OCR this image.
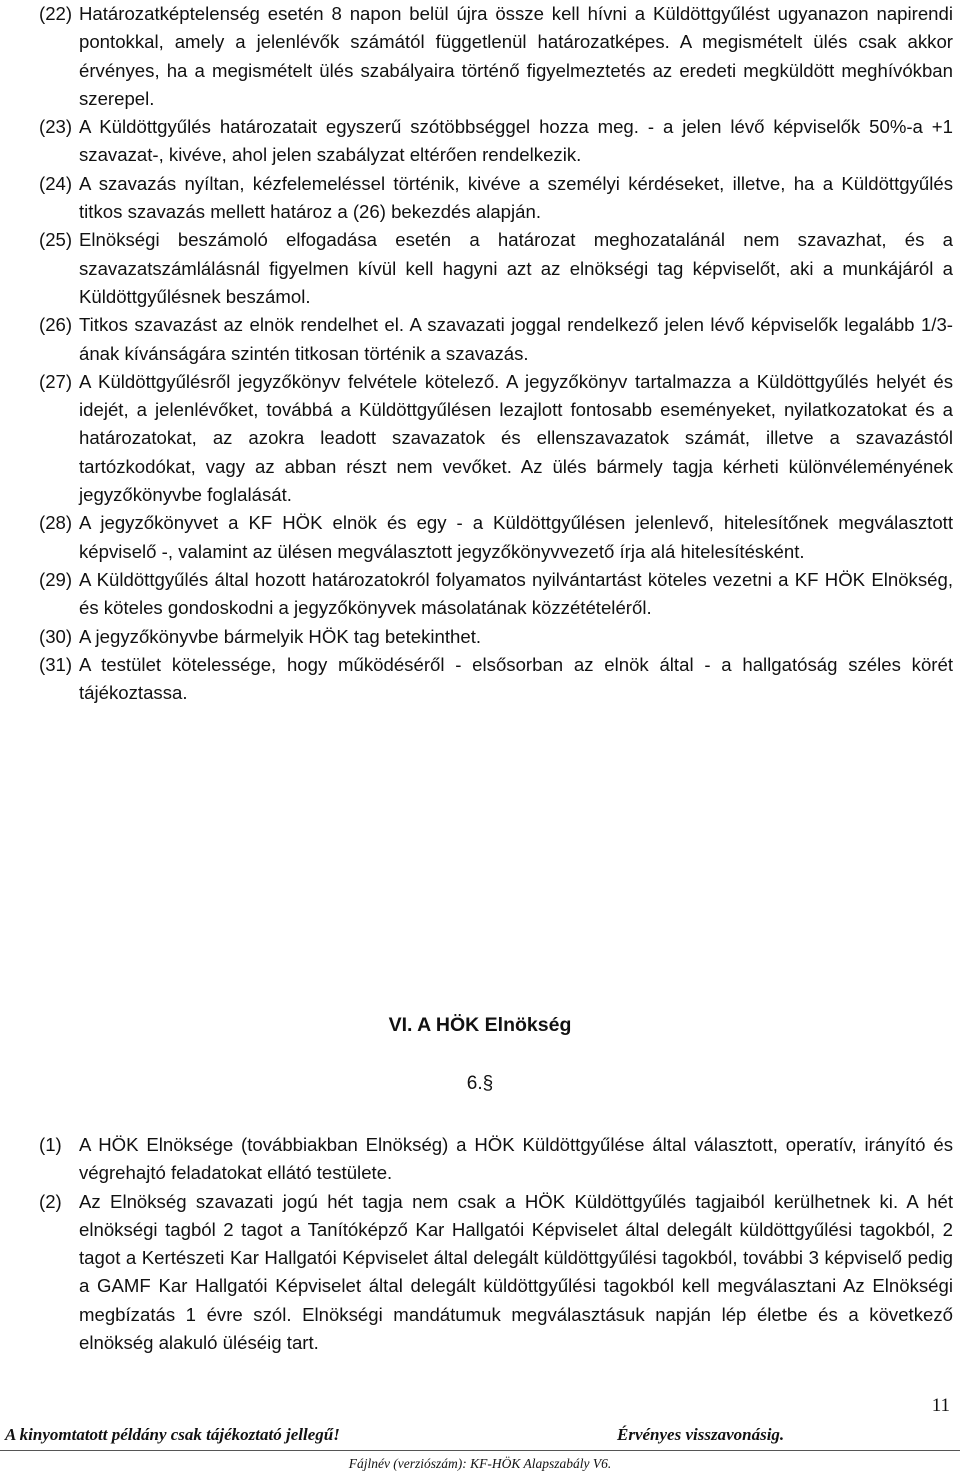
(22) Határozatképtelenség esetén 8 napon belül újra össze kell hívni a Küldöttgyűlést ugyanazon napirendi pontokkal, amely a jelenlévők számától függetlenül határozatképes. A megismételt ülés csak akkor érvényes, ha a megismételt ülés szabályaira történő figyelmeztetés az eredeti megküldött meghívókban szerepel.
(23) A Küldöttgyűlés határozatait egyszerű szótöbbséggel hozza meg. - a jelen lévő képviselők 50%-a +1 szavazat-, kivéve, ahol jelen szabályzat eltérően rendelkezik.
(24) A szavazás nyíltan, kézfelemeléssel történik, kivéve a személyi kérdéseket, illetve, ha a Küldöttgyűlés titkos szavazás mellett határoz a (26) bekezdés alapján.
(25) Elnökségi beszámoló elfogadása esetén a határozat meghozatalánál nem szavazhat, és a szavazatszámlálásnál figyelmen kívül kell hagyni azt az elnökségi tag képviselőt, aki a munkájáról a Küldöttgyűlésnek beszámol.
(26) Titkos szavazást az elnök rendelhet el. A szavazati joggal rendelkező jelen lévő képviselők legalább 1/3-ának kívánságára szintén titkosan történik a szavazás.
(27) A Küldöttgyűlésről jegyzőkönyv felvétele kötelező. A jegyzőkönyv tartalmazza a Küldöttgyűlés helyét és idejét, a jelenlévőket, továbbá a Küldöttgyűlésen lezajlott fontosabb eseményeket, nyilatkozatokat és a határozatokat, az azokra leadott szavazatok és ellenszavazatok számát, illetve a szavazástól tartózkodókat, vagy az abban részt nem vevőket. Az ülés bármely tagja kérheti különvéleményének jegyzőkönyvbe foglalását.
(28) A jegyzőkönyvet a KF HÖK elnök és egy - a Küldöttgyűlésen jelenlevő, hitelesítőnek megválasztott képviselő -, valamint az ülésen megválasztott jegyzőkönyvvezető írja alá hitelesítésként.
(29) A Küldöttgyűlés által hozott határozatokról folyamatos nyilvántartást köteles vezetni a KF HÖK Elnökség, és köteles gondoskodni a jegyzőkönyvek másolatának közzétételéről.
(30) A jegyzőkönyvbe bármelyik HÖK tag betekinthet.
(31) A testület kötelessége, hogy működéséről - elsősorban az elnök által - a hallgatóság széles körét tájékoztassa.
VI. A HÖK Elnökség
6.§
(1) A HÖK Elnöksége (továbbiakban Elnökség) a HÖK Küldöttgyűlése által választott, operatív, irányító és végrehajtó feladatokat ellátó testülete.
(2) Az Elnökség szavazati jogú hét tagja nem csak a HÖK Küldöttgyűlés tagjaiból kerülhetnek ki. A hét elnökségi tagból 2 tagot a Tanítóképző Kar Hallgatói Képviselet által delegált küldöttgyűlési tagokból, 2 tagot a Kertészeti Kar Hallgatói Képviselet által delegált küldöttgyűlési tagokból, további 3 képviselő pedig a GAMF Kar Hallgatói Képviselet által delegált küldöttgyűlési tagokból kell megválasztani Az Elnökségi megbízatás 1 évre szól. Elnökségi mandátumuk megválasztásuk napján lép életbe és a következő elnökség alakuló üléséig tart.
11
A kinyomtatott példány csak tájékoztató jellegű!	Érvényes visszavonásig.
Fájlnév (verziószám): KF-HÖK Alapszabály V6.
